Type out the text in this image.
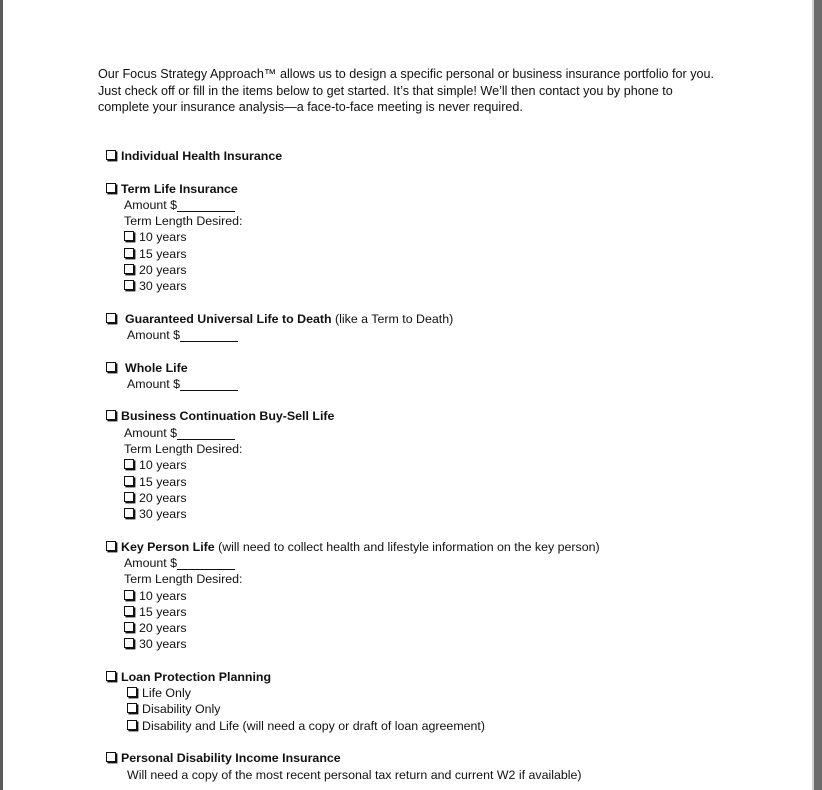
Our Focus Strategy Approach™ allows us to design a specific personal or business insurance portfolio for you.
Just check off or fill in the items below to get started. It’s that simple! We’ll then contact you by phone to
complete your insurance analysis—a face-to-face meeting is never required.
Individual Health Insurance
Term Life Insurance
Amount $
Term Length Desired:
10 years
15 years
20 years
30 years
Guaranteed Universal Life to Death (like a Term to Death)
Amount $
Whole Life
Amount $
Business Continuation Buy-Sell Life
Amount $
Term Length Desired:
10 years
15 years
20 years
30 years
Key Person Life (will need to collect health and lifestyle information on the key person)
Amount $
Term Length Desired:
10 years
15 years
20 years
30 years
Loan Protection Planning
Life Only
Disability Only
Disability and Life (will need a copy or draft of loan agreement)
Personal Disability Income Insurance
Will need a copy of the most recent personal tax return and current W2 if available)
